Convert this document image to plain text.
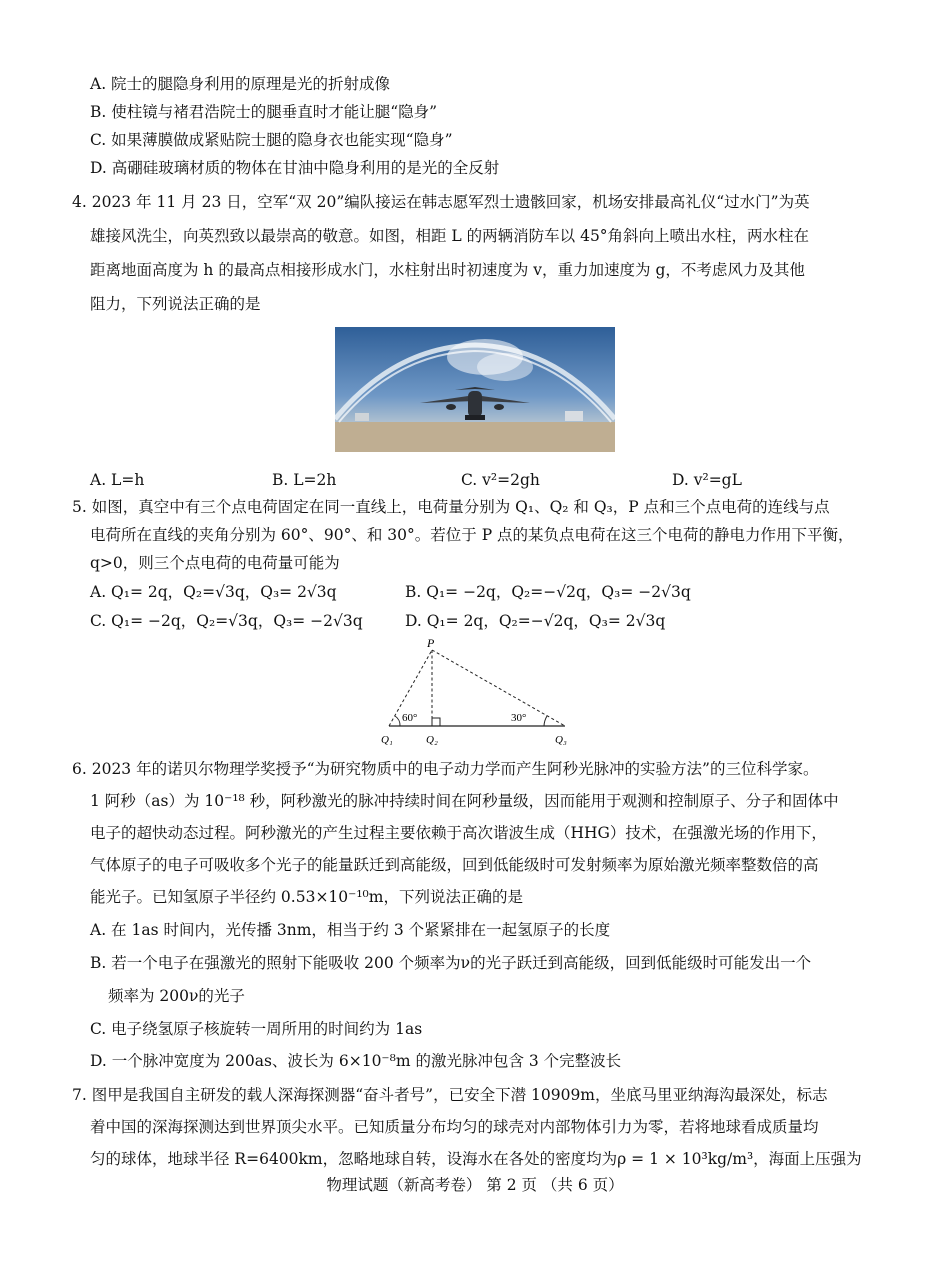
A. 院士的腿隐身利用的原理是光的折射成像
B. 使柱镜与褚君浩院士的腿垂直时才能让腿“隐身”
C. 如果薄膜做成紧贴院士腿的隐身衣也能实现“隐身”
D. 高硼硅玻璃材质的物体在甘油中隐身利用的是光的全反射
4. 2023 年 11 月 23 日，空军“双 20”编队接运在韩志愿军烈士遗骸回家，机场安排最高礼仪“过水门”为英
雄接风洗尘，向英烈致以最崇高的敬意。如图，相距 L 的两辆消防车以 45°角斜向上喷出水柱，两水柱在
距离地面高度为 h 的最高点相接形成水门，水柱射出时初速度为 v，重力加速度为 g，不考虑风力及其他
阻力，下列说法正确的是
A. L=h	B. L=2h	C. v²=2gh	D. v²=gL
5. 如图，真空中有三个点电荷固定在同一直线上，电荷量分别为 Q₁、Q₂ 和 Q₃，P 点和三个点电荷的连线与点
电荷所在直线的夹角分别为 60°、90°、和 30°。若位于 P 点的某负点电荷在这三个电荷的静电力作用下平衡，
q>0，则三个点电荷的电荷量可能为
A. Q₁= 2q，Q₂=√3q，Q₃= 2√3q	B. Q₁= −2q，Q₂=−√2q，Q₃= −2√3q
C. Q₁= −2q，Q₂=√3q，Q₃= −2√3q	D. Q₁= 2q，Q₂=−√2q，Q₃= 2√3q
P
60°	30°
Q₁	Q₂	Q₃
6. 2023 年的诺贝尔物理学奖授予“为研究物质中的电子动力学而产生阿秒光脉冲的实验方法”的三位科学家。
1 阿秒（as）为 10⁻¹⁸ 秒，阿秒激光的脉冲持续时间在阿秒量级，因而能用于观测和控制原子、分子和固体中
电子的超快动态过程。阿秒激光的产生过程主要依赖于高次谐波生成（HHG）技术，在强激光场的作用下，
气体原子的电子可吸收多个光子的能量跃迁到高能级，回到低能级时可发射频率为原始激光频率整数倍的高
能光子。已知氢原子半径约 0.53×10⁻¹⁰m，下列说法正确的是
A. 在 1as 时间内，光传播 3nm，相当于约 3 个紧紧排在一起氢原子的长度
B. 若一个电子在强激光的照射下能吸收 200 个频率为ν的光子跃迁到高能级，回到低能级时可能发出一个
频率为 200ν的光子
C. 电子绕氢原子核旋转一周所用的时间约为 1as
D. 一个脉冲宽度为 200as、波长为 6×10⁻⁸m 的激光脉冲包含 3 个完整波长
7. 图甲是我国自主研发的载人深海探测器“奋斗者号”，已安全下潜 10909m，坐底马里亚纳海沟最深处，标志
着中国的深海探测达到世界顶尖水平。已知质量分布均匀的球壳对内部物体引力为零，若将地球看成质量均
匀的球体，地球半径 R=6400km，忽略地球自转，设海水在各处的密度均为ρ = 1 × 10³kg/m³，海面上压强为
物理试题（新高考卷） 第 2 页 （共 6 页）
